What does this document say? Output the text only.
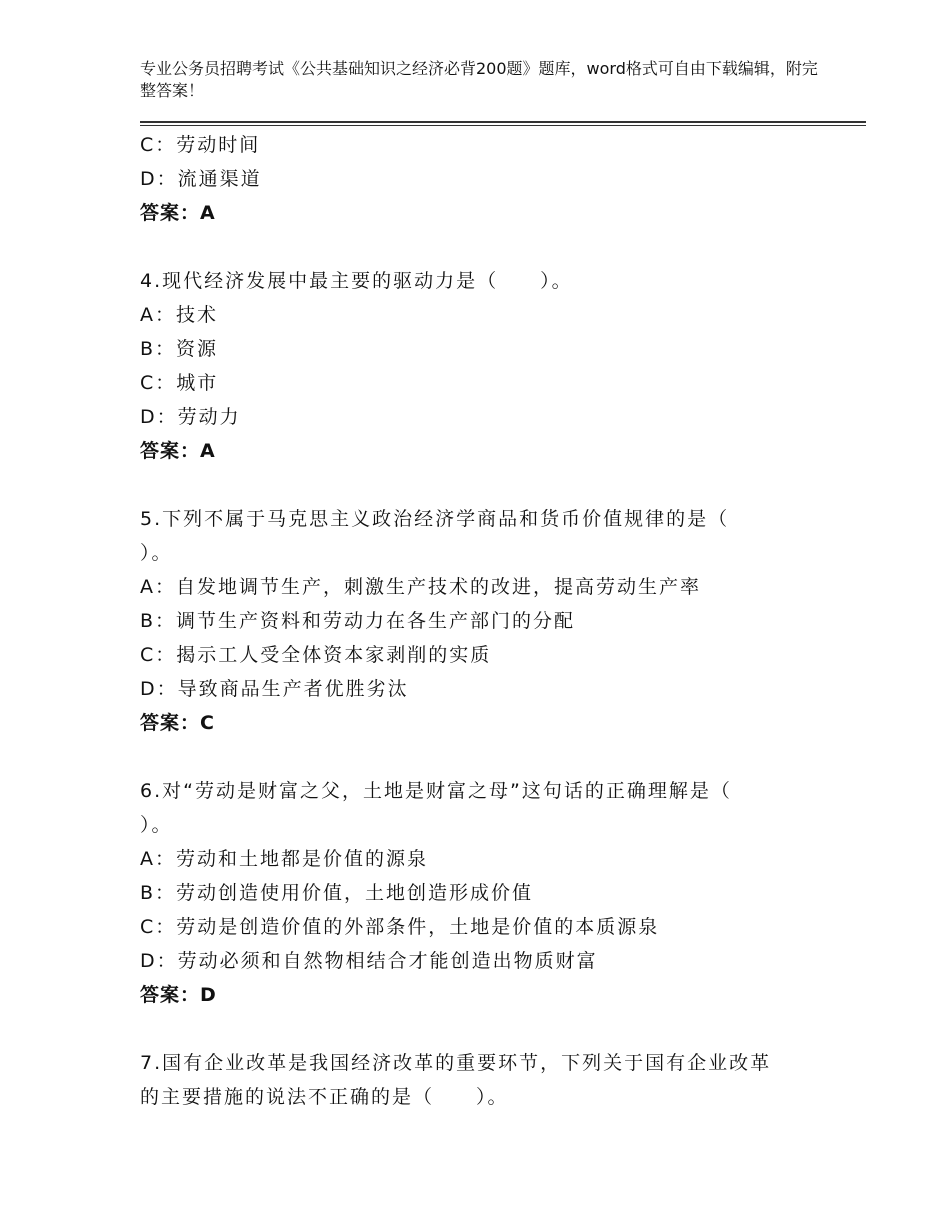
专业公务员招聘考试《公共基础知识之经济必背200题》题库，word格式可自由下载编辑，附完整答案！
C：劳动时间
D：流通渠道
答案：A
4.现代经济发展中最主要的驱动力是（　　）。
A：技术
B：资源
C：城市
D：劳动力
答案：A
5.下列不属于马克思主义政治经济学商品和货币价值规律的是（
）。
A：自发地调节生产，刺激生产技术的改进，提高劳动生产率
B：调节生产资料和劳动力在各生产部门的分配
C：揭示工人受全体资本家剥削的实质
D：导致商品生产者优胜劣汰
答案：C
6.对“劳动是财富之父，土地是财富之母”这句话的正确理解是（
）。
A：劳动和土地都是价值的源泉
B：劳动创造使用价值，土地创造形成价值
C：劳动是创造价值的外部条件，土地是价值的本质源泉
D：劳动必须和自然物相结合才能创造出物质财富
答案：D
7.国有企业改革是我国经济改革的重要环节，下列关于国有企业改革
的主要措施的说法不正确的是（　　）。
